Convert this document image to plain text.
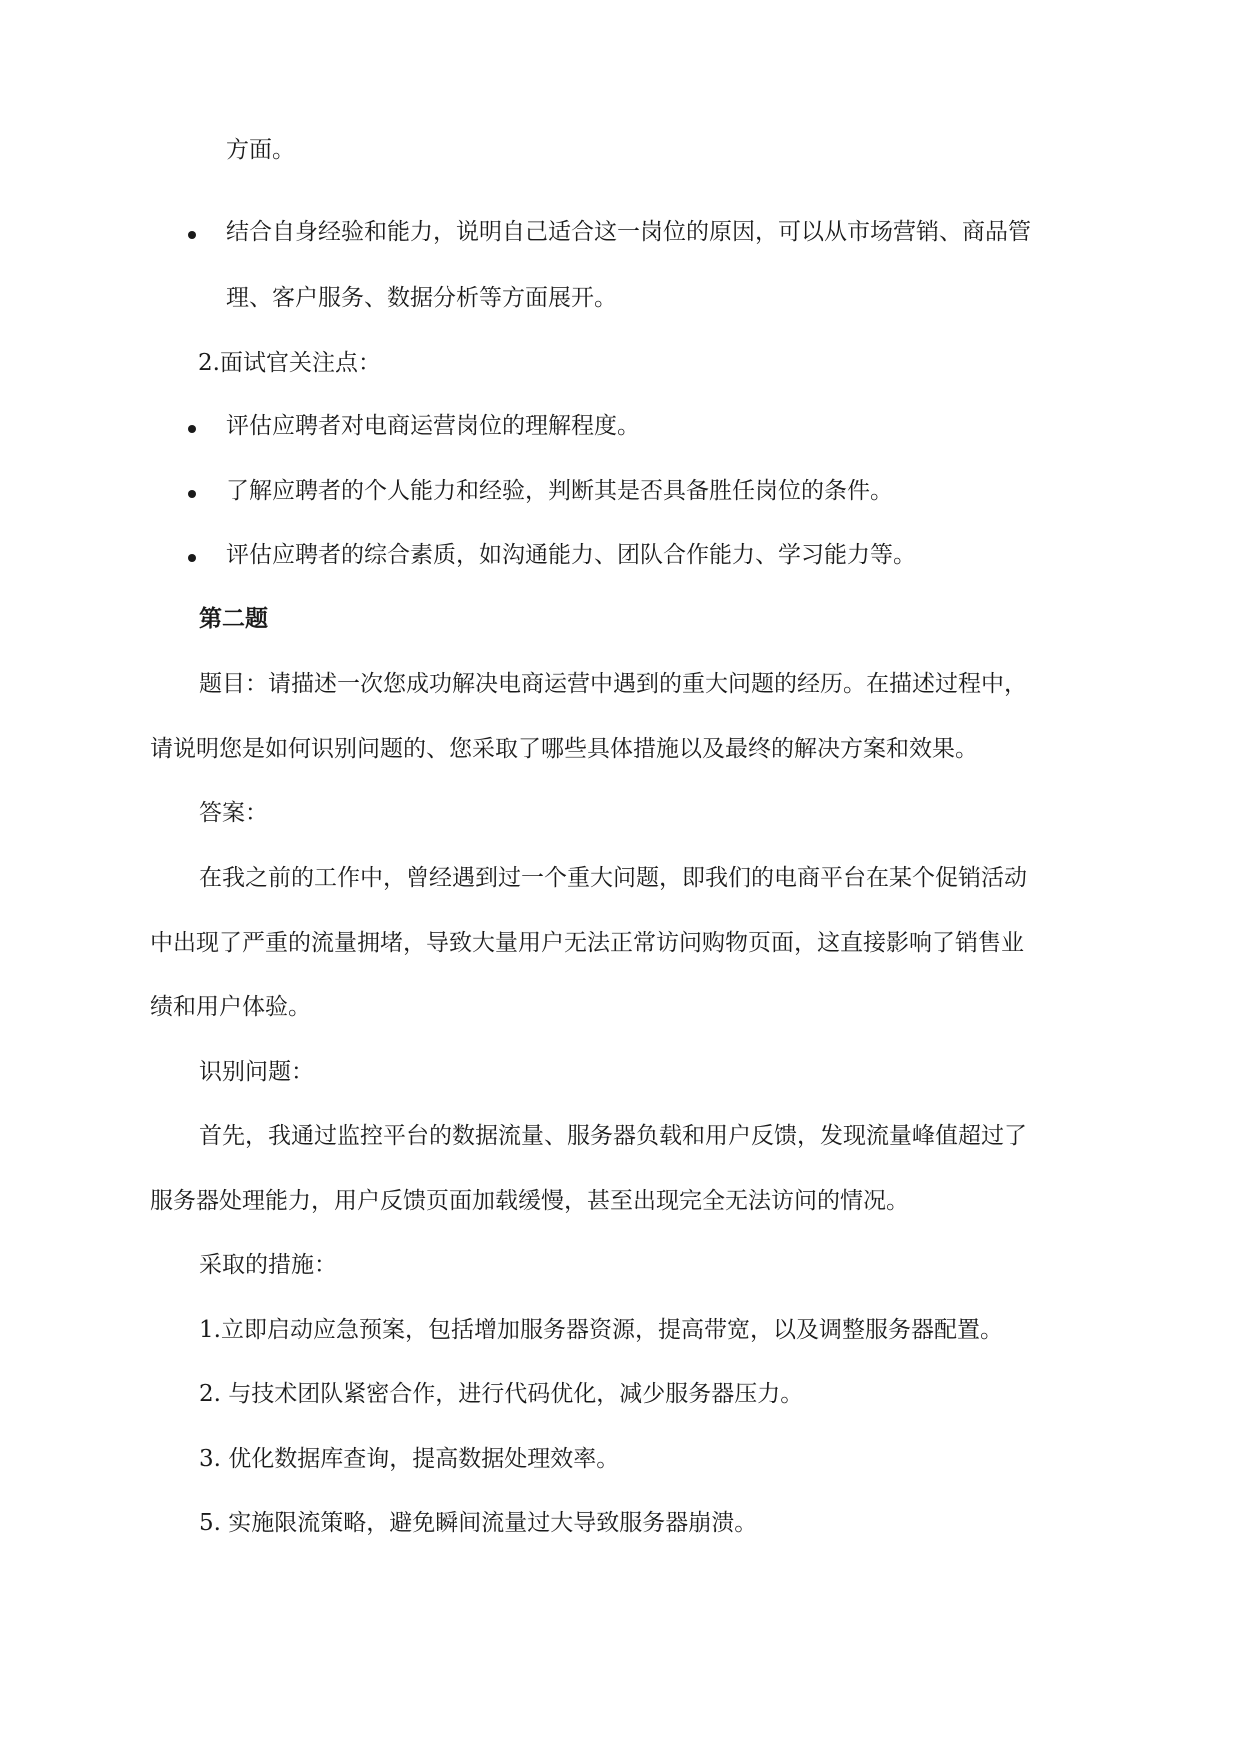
方面。
结合自身经验和能力，说明自己适合这一岗位的原因，可以从市场营销、商品管
理、客户服务、数据分析等方面展开。
2.面试官关注点：
评估应聘者对电商运营岗位的理解程度。
了解应聘者的个人能力和经验，判断其是否具备胜任岗位的条件。
评估应聘者的综合素质，如沟通能力、团队合作能力、学习能力等。
第二题
题目：请描述一次您成功解决电商运营中遇到的重大问题的经历。在描述过程中，
请说明您是如何识别问题的、您采取了哪些具体措施以及最终的解决方案和效果。
答案：
在我之前的工作中，曾经遇到过一个重大问题，即我们的电商平台在某个促销活动
中出现了严重的流量拥堵，导致大量用户无法正常访问购物页面，这直接影响了销售业
绩和用户体验。
识别问题：
首先，我通过监控平台的数据流量、服务器负载和用户反馈，发现流量峰值超过了
服务器处理能力，用户反馈页面加载缓慢，甚至出现完全无法访问的情况。
采取的措施：
1.立即启动应急预案，包括增加服务器资源，提高带宽，以及调整服务器配置。
2. 与技术团队紧密合作，进行代码优化，减少服务器压力。
3. 优化数据库查询，提高数据处理效率。
5. 实施限流策略，避免瞬间流量过大导致服务器崩溃。
